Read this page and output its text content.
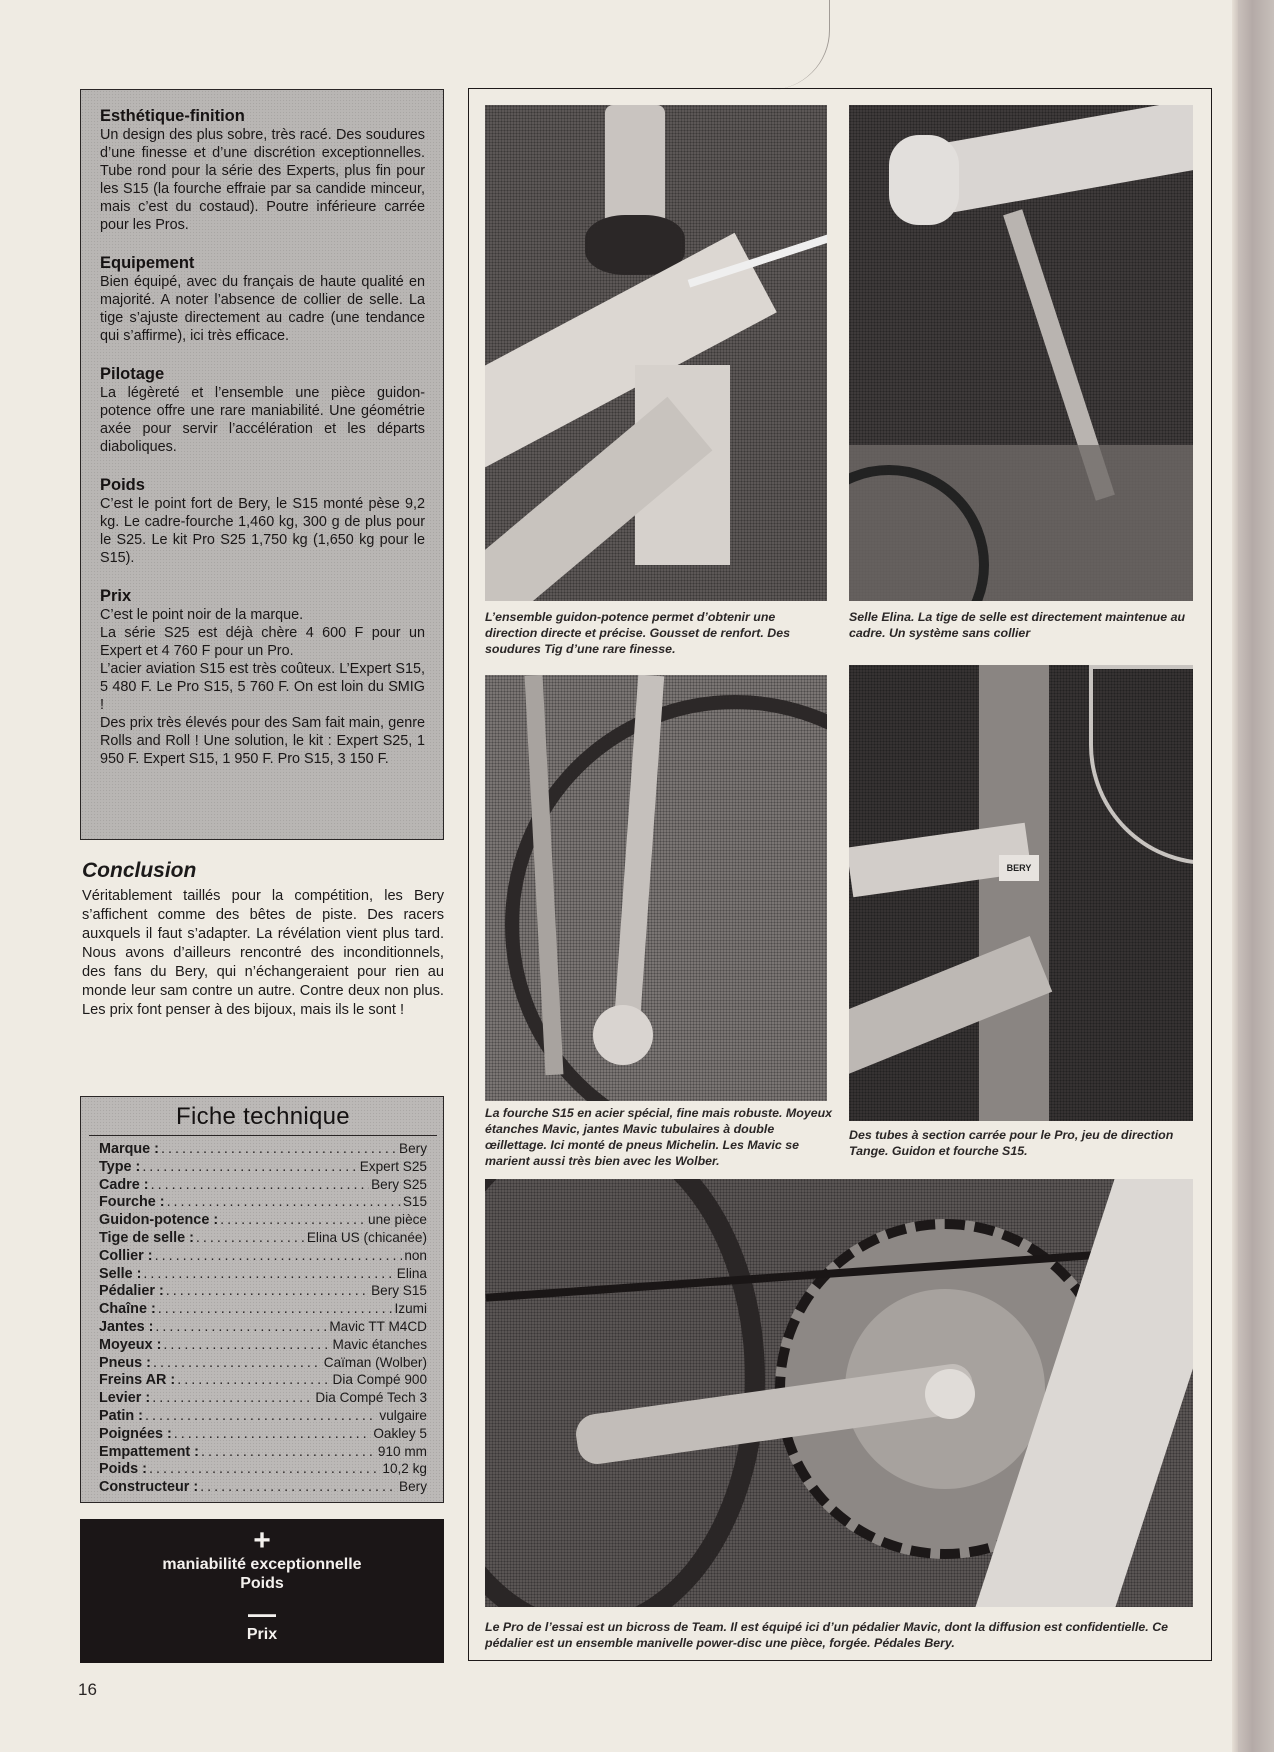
Esthétique-finition

Un design des plus sobre, très racé. Des soudures d’une finesse et d’une discrétion exceptionnelles. Tube rond pour la série des Experts, plus fin pour les S15 (la fourche effraie par sa candide minceur, mais c’est du costaud). Poutre inférieure carrée pour les Pros.

Equipement

Bien équipé, avec du français de haute qualité en majorité. A noter l’absence de collier de selle. La tige s’ajuste directement au cadre (une tendance qui s’affirme), ici très efficace.

Pilotage

La légèreté et l’ensemble une pièce guidon-potence offre une rare maniabilité. Une géométrie axée pour servir l’accélération et les départs diaboliques.

Poids

C’est le point fort de Bery, le S15 monté pèse 9,2 kg. Le cadre-fourche 1,460 kg, 300 g de plus pour le S25. Le kit Pro S25 1,750 kg (1,650 kg pour le S15).

Prix

C’est le point noir de la marque.
La série S25 est déjà chère 4 600 F pour un Expert et 4 760 F pour un Pro.
L’acier aviation S15 est très coûteux. L’Expert S15, 5 480 F. Le Pro S15, 5 760 F. On est loin du SMIG !
Des prix très élevés pour des Sam fait main, genre Rolls and Roll ! Une solution, le kit : Expert S25, 1 950 F. Expert S15, 1 950 F. Pro S15, 3 150 F.

Conclusion

Véritablement taillés pour la compétition, les Bery s’affichent comme des bêtes de piste. Des racers auxquels il faut s’adapter. La révélation vient plus tard. Nous avons d’ailleurs rencontré des inconditionnels, des fans du Bery, qui n’échangeraient pour rien au monde leur sam contre un autre. Contre deux non plus. Les prix font penser à des bijoux, mais ils le sont !

Fiche technique
Marque : . . .	Bery
Type : . . .	Expert S25
Cadre : . . .	Bery S25
Fourche : . . .	S15
Guidon-potence : . . .	une pièce
Tige de selle : . . .	Elina US (chicanée)
Collier : . . .	non
Selle : . . .	Elina
Pédalier : . . .	Bery S15
Chaîne : . . .	Izumi
Jantes : . . .	Mavic TT M4CD
Moyeux : . . .	Mavic étanches
Pneus : . . .	Caïman (Wolber)
Freins AR : . . .	Dia Compé 900
Levier : . . .	Dia Compé Tech 3
Patin : . . .	vulgaire
Poignées : . . .	Oakley 5
Empattement : . . .	910 mm
Poids : . . .	10,2 kg
Constructeur : . . .	Bery
+
maniabilité exceptionnelle
Poids
—
Prix
16
L’ensemble guidon-potence permet d’obtenir une direction directe et précise. Gousset de renfort. Des soudures Tig d’une rare finesse.
Selle Elina. La tige de selle est directement maintenue au cadre. Un système sans collier
La fourche S15 en acier spécial, fine mais robuste. Moyeux étanches Mavic, jantes Mavic tubulaires à double œillettage. Ici monté de pneus Michelin. Les Mavic se marient aussi très bien avec les Wolber.
BERY
Des tubes à section carrée pour le Pro, jeu de direction Tange. Guidon et fourche S15.
Le Pro de l’essai est un bicross de Team. Il est équipé ici d’un pédalier Mavic, dont la diffusion est confidentielle. Ce pédalier est un ensemble manivelle power-disc une pièce, forgée. Pédales Bery.
